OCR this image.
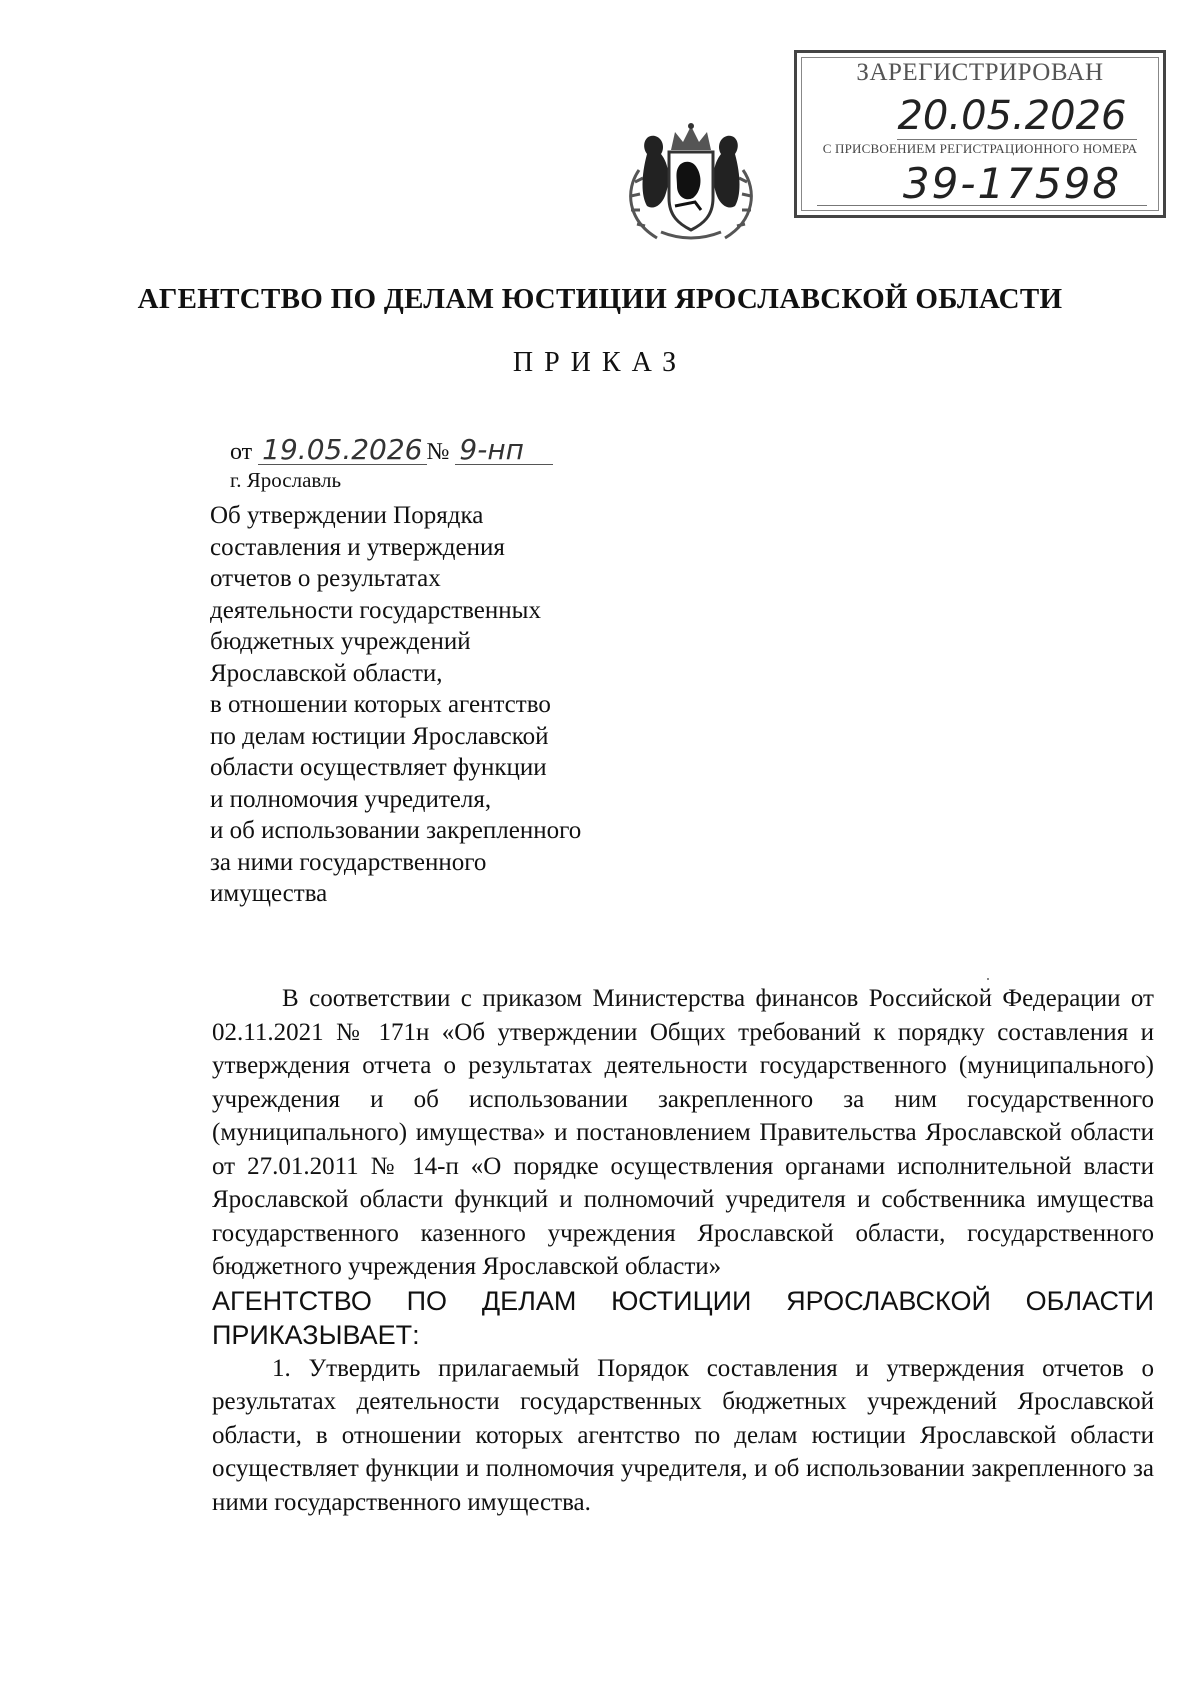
ЗАРЕГИСТРИРОВАН
20.05.2026
С ПРИСВОЕНИЕМ РЕГИСТРАЦИОННОГО НОМЕРА
39-17598
АГЕНТСТВО ПО ДЕЛАМ ЮСТИЦИИ ЯРОСЛАВСКОЙ ОБЛАСТИ
ПРИКАЗ
от 19.05.2026 № 9-нп
г. Ярославль
Об утверждении Порядка
составления и утверждения
отчетов о результатах
деятельности государственных
бюджетных учреждений
Ярославской области,
в отношении которых агентство
по делам юстиции Ярославской
области осуществляет функции
и полномочия учредителя,
и об использовании закрепленного
за ними государственного
имущества

В соответствии с приказом Министерства финансов Российской Федерации от 02.11.2021 № 171н «Об утверждении Общих требований к порядку составления и утверждения отчета о результатах деятельности государственного (муниципального) учреждения и об использовании закрепленного за ним государственного (муниципального) имущества» и постановлением Правительства Ярославской области от 27.01.2011 № 14-п «О порядке осуществления органами исполнительной власти Ярославской области функций и полномочий учредителя и собственника имущества государственного казенного учреждения Ярославской области, государственного бюджетного учреждения Ярославской области»

АГЕНТСТВО ПО ДЕЛАМ ЮСТИЦИИ ЯРОСЛАВСКОЙ ОБЛАСТИ

ПРИКАЗЫВАЕТ:

1. Утвердить прилагаемый Порядок составления и утверждения отчетов о результатах деятельности государственных бюджетных учреждений Ярославской области, в отношении которых агентство по делам юстиции Ярославской области осуществляет функции и полномочия учредителя, и об использовании закрепленного за ними государственного имущества.
